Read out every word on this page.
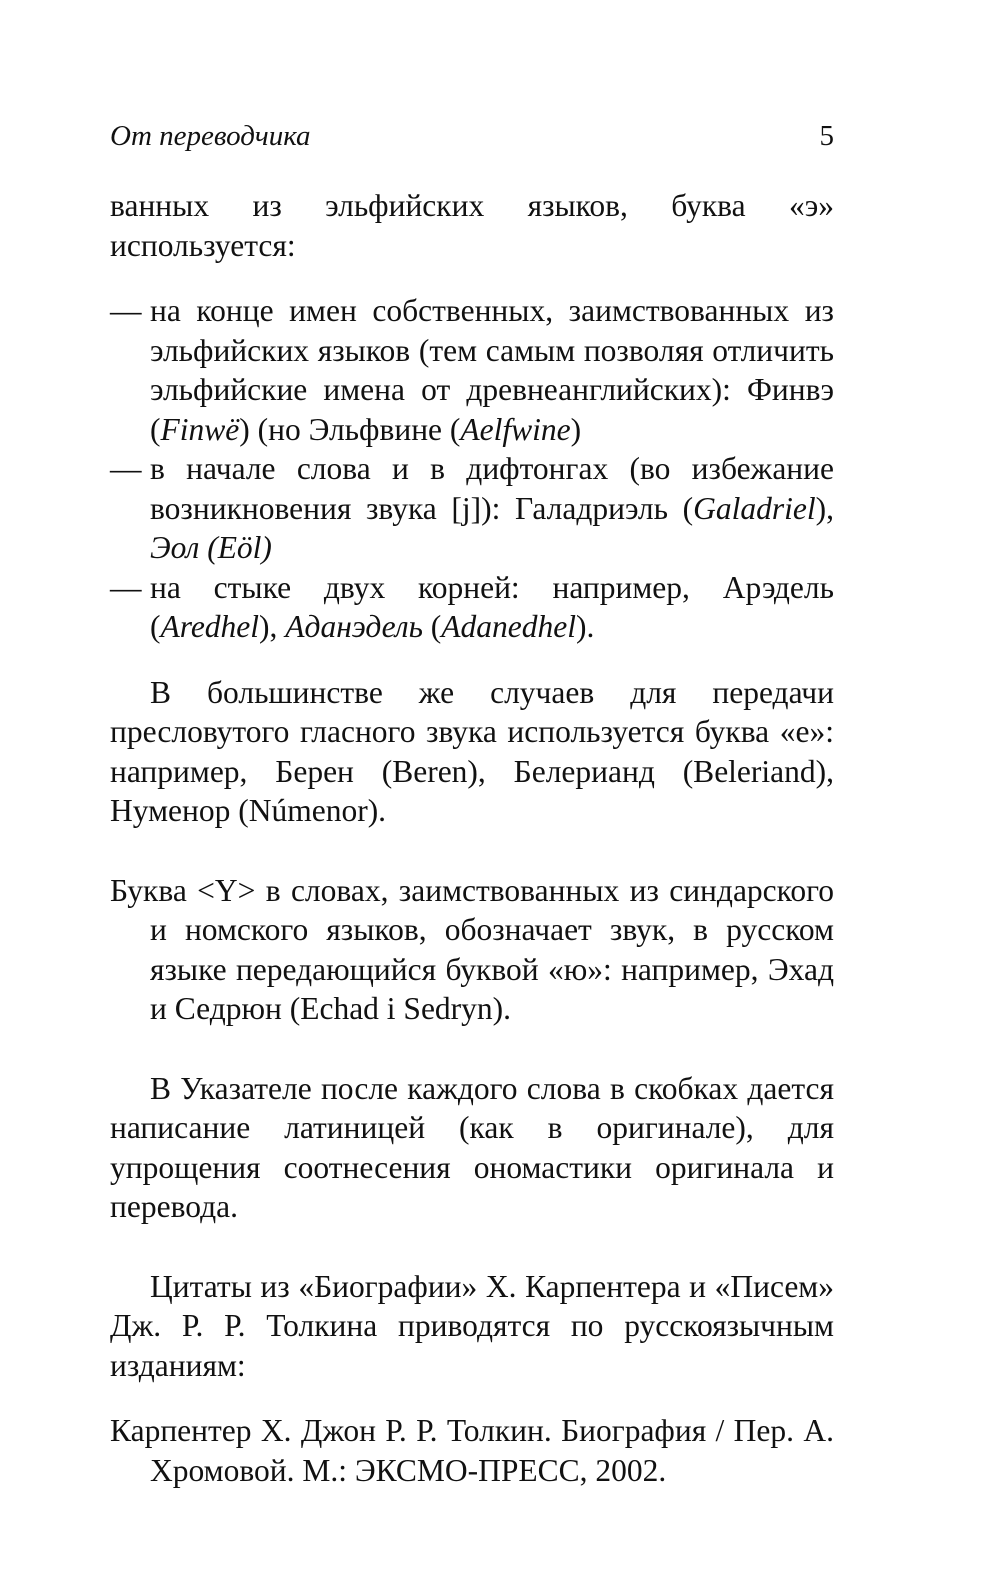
От переводчика	5

ванных из эльфийских языков, буква «э» используется:

— на конце имен собственных, заимствованных из эльфийских языков (тем самым позволяя отличить эльфийские имена от древнеанглийских): Финвэ (Finwë) (но Эльфвине (Aelfwine)
— в начале слова и в дифтонгах (во избежание возникновения звука [j]): Галадриэль (Galadriel), Эол (Eöl)
— на стыке двух корней: например, Арэдель (Aredhel), Аданэдель (Adanedhel).

В большинстве же случаев для передачи пресловутого гласного звука используется буква «е»: например, Берен (Beren), Белерианд (Beleriand), Нуменор (Númenor).

Буква <Y> в словах, заимствованных из синдарского и номского языков, обозначает звук, в русском языке передающийся буквой «ю»: например, Эхад и Седрюн (Echad i Sedryn).

В Указателе после каждого слова в скобках дается написание латиницей (как в оригинале), для упрощения соотнесения ономастики оригинала и перевода.

Цитаты из «Биографии» Х. Карпентера и «Писем» Дж. Р. Р. Толкина приводятся по русскоязычным изданиям:

Карпентер Х. Джон Р. Р. Толкин. Биография / Пер. А. Хромовой. М.: ЭКСМО-ПРЕСС, 2002.
